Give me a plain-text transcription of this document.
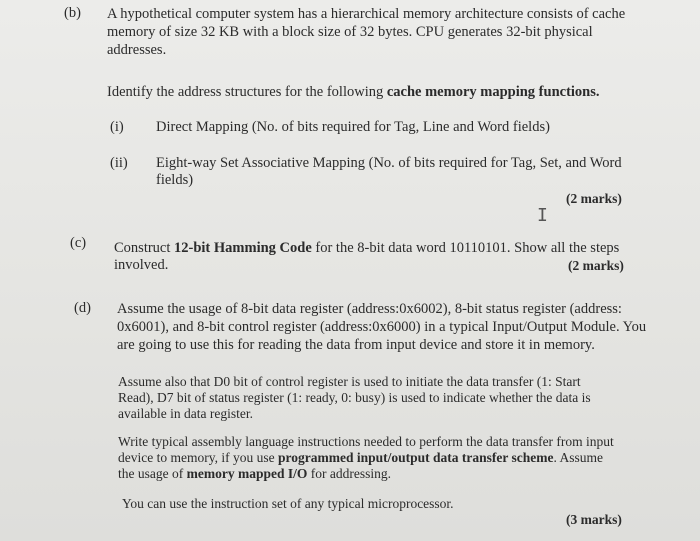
(b) A hypothetical computer system has a hierarchical memory architecture consists of cache
memory of size 32 KB with a block size of 32 bytes. CPU generates 32-bit physical
addresses.
Identify the address structures for the following cache memory mapping functions.
(i) Direct Mapping (No. of bits required for Tag, Line and Word fields)
(ii) Eight-way Set Associative Mapping (No. of bits required for Tag, Set, and Word
fields)
(2 marks)
I
(c) Construct 12-bit Hamming Code for the 8-bit data word 10110101. Show all the steps
involved.	(2 marks)
(d) Assume the usage of 8-bit data register (address:0x6002), 8-bit status register (address:
0x6001), and 8-bit control register (address:0x6000) in a typical Input/Output Module. You
are going to use this for reading the data from input device and store it in memory.
Assume also that D0 bit of control register is used to initiate the data transfer (1: Start
Read), D7 bit of status register (1: ready, 0: busy) is used to indicate whether the data is
available in data register.
Write typical assembly language instructions needed to perform the data transfer from input
device to memory, if you use programmed input/output data transfer scheme. Assume
the usage of memory mapped I/O for addressing.
You can use the instruction set of any typical microprocessor.
(3 marks)
